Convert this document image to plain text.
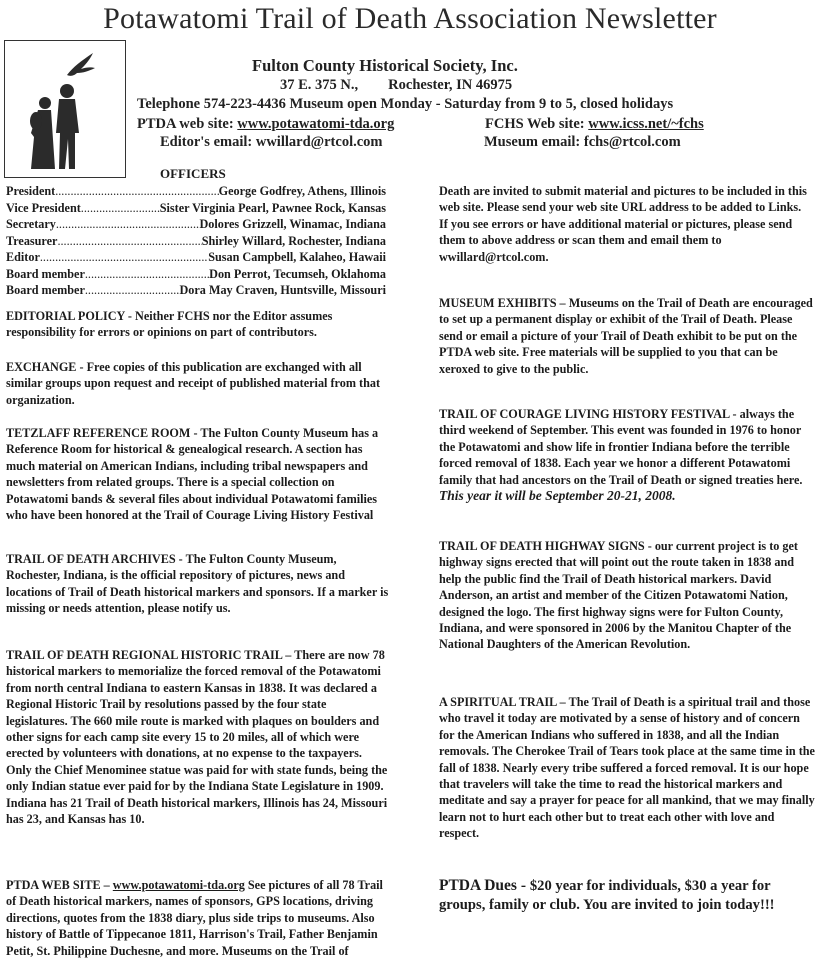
Potawatomi Trail of Death Association Newsletter
Fulton County Historical Society, Inc.
37 E. 375 N., Rochester, IN 46975
Telephone 574-223-4436 Museum open Monday - Saturday from 9 to 5, closed holidays
PTDA web site: www.potawatomi-tda.org	FCHS Web site: www.icss.net/~fchs
Editor's email: wwillard@rtcol.com	Museum email: fchs@rtcol.com
OFFICERS
President .....	George Godfrey, Athens, Illinois
Vice President .....	Sister Virginia Pearl, Pawnee Rock, Kansas
Secretary .....	Dolores Grizzell, Winamac, Indiana
Treasurer .....	Shirley Willard, Rochester, Indiana
Editor .....	Susan Campbell, Kalaheo, Hawaii
Board member .....	Don Perrot, Tecumseh, Oklahoma
Board member .....	Dora May Craven, Huntsville, Missouri

EDITORIAL POLICY - Neither FCHS nor the Editor assumes responsibility for errors or opinions on part of contributors.

EXCHANGE - Free copies of this publication are exchanged with all similar groups upon request and receipt of published material from that organization.

TETZLAFF REFERENCE ROOM - The Fulton County Museum has a Reference Room for historical & genealogical research. A section has much material on American Indians, including tribal newspapers and newsletters from related groups. There is a special collection on Potawatomi bands & several files about individual Potawatomi families who have been honored at the Trail of Courage Living History Festival

TRAIL OF DEATH ARCHIVES - The Fulton County Museum, Rochester, Indiana, is the official repository of pictures, news and locations of Trail of Death historical markers and sponsors. If a marker is missing or needs attention, please notify us.

TRAIL OF DEATH REGIONAL HISTORIC TRAIL – There are now 78 historical markers to memorialize the forced removal of the Potawatomi from north central Indiana to eastern Kansas in 1838. It was declared a Regional Historic Trail by resolutions passed by the four state legislatures. The 660 mile route is marked with plaques on boulders and other signs for each camp site every 15 to 20 miles, all of which were erected by volunteers with donations, at no expense to the taxpayers. Only the Chief Menominee statue was paid for with state funds, being the only Indian statue ever paid for by the Indiana State Legislature in 1909. Indiana has 21 Trail of Death historical markers, Illinois has 24, Missouri has 23, and Kansas has 10.

PTDA WEB SITE – www.potawatomi-tda.org See pictures of all 78 Trail of Death historical markers, names of sponsors, GPS locations, driving directions, quotes from the 1838 diary, plus side trips to museums. Also history of Battle of Tippecanoe 1811, Harrison's Trail, Father Benjamin Petit, St. Philippine Duchesne, and more. Museums on the Trail of

Death are invited to submit material and pictures to be included in this web site. Please send your web site URL address to be added to Links.

If you see errors or have additional material or pictures, please send them to above address or scan them and email them to wwillard@rtcol.com.

MUSEUM EXHIBITS – Museums on the Trail of Death are encouraged to set up a permanent display or exhibit of the Trail of Death. Please send or email a picture of your Trail of Death exhibit to be put on the PTDA web site. Free materials will be supplied to you that can be xeroxed to give to the public.

TRAIL OF COURAGE LIVING HISTORY FESTIVAL - always the third weekend of September. This event was founded in 1976 to honor the Potawatomi and show life in frontier Indiana before the terrible forced removal of 1838. Each year we honor a different Potawatomi family that had ancestors on the Trail of Death or signed treaties here.

This year it will be September 20-21, 2008.

TRAIL OF DEATH HIGHWAY SIGNS - our current project is to get highway signs erected that will point out the route taken in 1838 and help the public find the Trail of Death historical markers. David Anderson, an artist and member of the Citizen Potawatomi Nation, designed the logo. The first highway signs were for Fulton County, Indiana, and were sponsored in 2006 by the Manitou Chapter of the National Daughters of the American Revolution.

A SPIRITUAL TRAIL – The Trail of Death is a spiritual trail and those who travel it today are motivated by a sense of history and of concern for the American Indians who suffered in 1838, and all the Indian removals. The Cherokee Trail of Tears took place at the same time in the fall of 1838. Nearly every tribe suffered a forced removal. It is our hope that travelers will take the time to read the historical markers and meditate and say a prayer for peace for all mankind, that we may finally learn not to hurt each other but to treat each other with love and respect.

PTDA Dues - $20 year for individuals, $30 a year for groups, family or club. You are invited to join today!!!
